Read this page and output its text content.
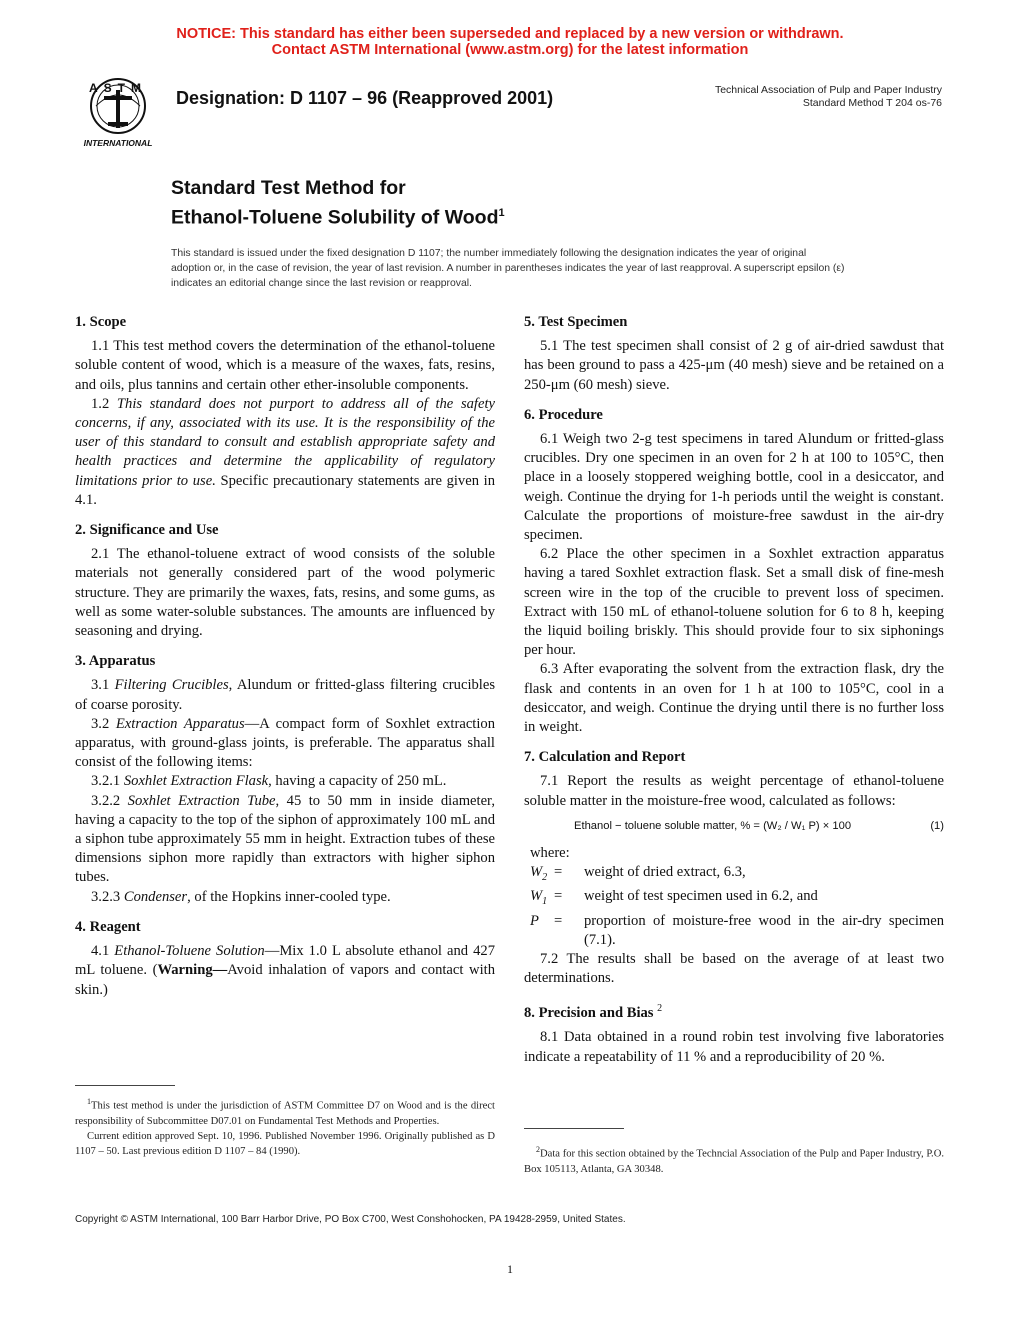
NOTICE: This standard has either been superseded and replaced by a new version or withdrawn.
Contact ASTM International (www.astm.org) for the latest information
ASTM
INTERNATIONAL
Designation: D 1107 – 96 (Reapproved 2001)	Technical Association of Pulp and Paper Industry
Standard Method T 204 os-76
Standard Test Method for
Ethanol-Toluene Solubility of Wood$^1$
This standard is issued under the fixed designation D 1107; the number immediately following the designation indicates the year of original adoption or, in the case of revision, the year of last revision. A number in parentheses indicates the year of last reapproval. A superscript epsilon (ε) indicates an editorial change since the last revision or reapproval.
1. Scope

1.1 This test method covers the determination of the ethanol-toluene soluble content of wood, which is a measure of the waxes, fats, resins, and oils, plus tannins and certain other ether-insoluble components.

1.2 This standard does not purport to address all of the safety concerns, if any, associated with its use. It is the responsibility of the user of this standard to consult and establish appropriate safety and health practices and determine the applicability of regulatory limitations prior to use. Specific precautionary statements are given in 4.1.

2. Significance and Use

2.1 The ethanol-toluene extract of wood consists of the soluble materials not generally considered part of the wood polymeric structure. They are primarily the waxes, fats, resins, and some gums, as well as some water-soluble substances. The amounts are influenced by seasoning and drying.

3. Apparatus

3.1 Filtering Crucibles, Alundum or fritted-glass filtering crucibles of coarse porosity.

3.2 Extraction Apparatus—A compact form of Soxhlet extraction apparatus, with ground-glass joints, is preferable. The apparatus shall consist of the following items:

3.2.1 Soxhlet Extraction Flask, having a capacity of 250 mL.

3.2.2 Soxhlet Extraction Tube, 45 to 50 mm in inside diameter, having a capacity to the top of the siphon of approximately 100 mL and a siphon tube approximately 55 mm in height. Extraction tubes of these dimensions siphon more rapidly than extractors with higher siphon tubes.

3.2.3 Condenser, of the Hopkins inner-cooled type.

4. Reagent

4.1 Ethanol-Toluene Solution—Mix 1.0 L absolute ethanol and 427 mL toluene. (Warning—Avoid inhalation of vapors and contact with skin.)

$^1$This test method is under the jurisdiction of ASTM Committee D7 on Wood and is the direct responsibility of Subcommittee D07.01 on Fundamental Test Methods and Properties.

Current edition approved Sept. 10, 1996. Published November 1996. Originally published as D 1107 – 50. Last previous edition D 1107 – 84 (1990).

5. Test Specimen

5.1 The test specimen shall consist of 2 g of air-dried sawdust that has been ground to pass a 425-μm (40 mesh) sieve and be retained on a 250-μm (60 mesh) sieve.

6. Procedure

6.1 Weigh two 2-g test specimens in tared Alundum or fritted-glass crucibles. Dry one specimen in an oven for 2 h at 100 to 105°C, then place in a loosely stoppered weighing bottle, cool in a desiccator, and weigh. Continue the drying for 1-h periods until the weight is constant. Calculate the proportions of moisture-free sawdust in the air-dry specimen.

6.2 Place the other specimen in a Soxhlet extraction apparatus having a tared Soxhlet extraction flask. Set a small disk of fine-mesh screen wire in the top of the crucible to prevent loss of specimen. Extract with 150 mL of ethanol-toluene solution for 6 to 8 h, keeping the liquid boiling briskly. This should provide four to six siphonings per hour.

6.3 After evaporating the solvent from the extraction flask, dry the flask and contents in an oven for 1 h at 100 to 105°C, cool in a desiccator, and weigh. Continue the drying until there is no further loss in weight.

7. Calculation and Report

7.1 Report the results as weight percentage of ethanol-toluene soluble matter in the moisture-free wood, calculated as follows:

Ethanol − toluene soluble matter, % = (W₂ / W₁ P) × 100	(1)
where:
$W_2$ =	weight of dried extract, 6.3,
$W_1$ =	weight of test specimen used in 6.2, and
P	=	proportion of moisture-free wood in the air-dry specimen (7.1).

7.2 The results shall be based on the average of at least two determinations.

8. Precision and Bias $^2$

8.1 Data obtained in a round robin test involving five laboratories indicate a repeatability of 11 % and a reproducibility of 20 %.

$^2$Data for this section obtained by the Techncial Association of the Pulp and Paper Industry, P.O. Box 105113, Atlanta, GA 30348.

Copyright © ASTM International, 100 Barr Harbor Drive, PO Box C700, West Conshohocken, PA 19428-2959, United States.
1
